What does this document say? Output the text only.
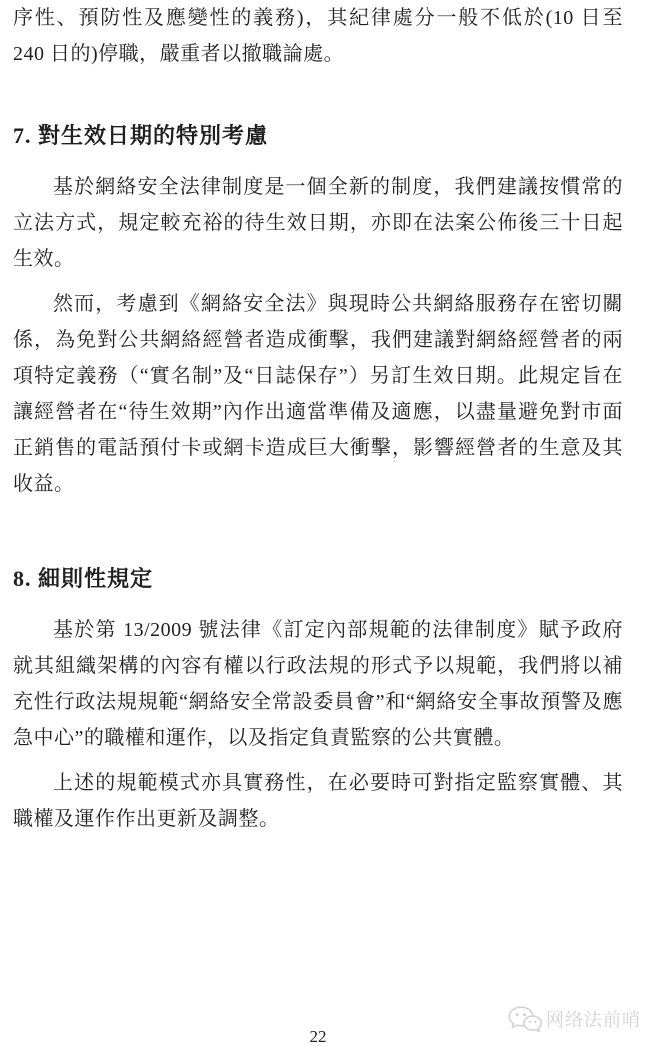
序性、預防性及應變性的義務)，其紀律處分一般不低於(10 日至 240 日的)停職，嚴重者以撤職論處。

7. 對生效日期的特別考慮

基於網絡安全法律制度是一個全新的制度，我們建議按慣常的立法方式，規定較充裕的待生效日期，亦即在法案公佈後三十日起生效。

然而，考慮到《網絡安全法》與現時公共網絡服務存在密切關係，為免對公共網絡經營者造成衝擊，我們建議對網絡經營者的兩項特定義務（“實名制”及“日誌保存”）另訂生效日期。此規定旨在讓經營者在“待生效期”內作出適當準備及適應，以盡量避免對市面正銷售的電話預付卡或網卡造成巨大衝擊，影響經營者的生意及其收益。

8. 細則性規定

基於第 13/2009 號法律《訂定內部規範的法律制度》賦予政府就其組織架構的內容有權以行政法規的形式予以規範，我們將以補充性行政法規規範“網絡安全常設委員會”和“網絡安全事故預警及應急中心”的職權和運作，以及指定負責監察的公共實體。

上述的規範模式亦具實務性，在必要時可對指定監察實體、其職權及運作作出更新及調整。

22
网络法前哨
